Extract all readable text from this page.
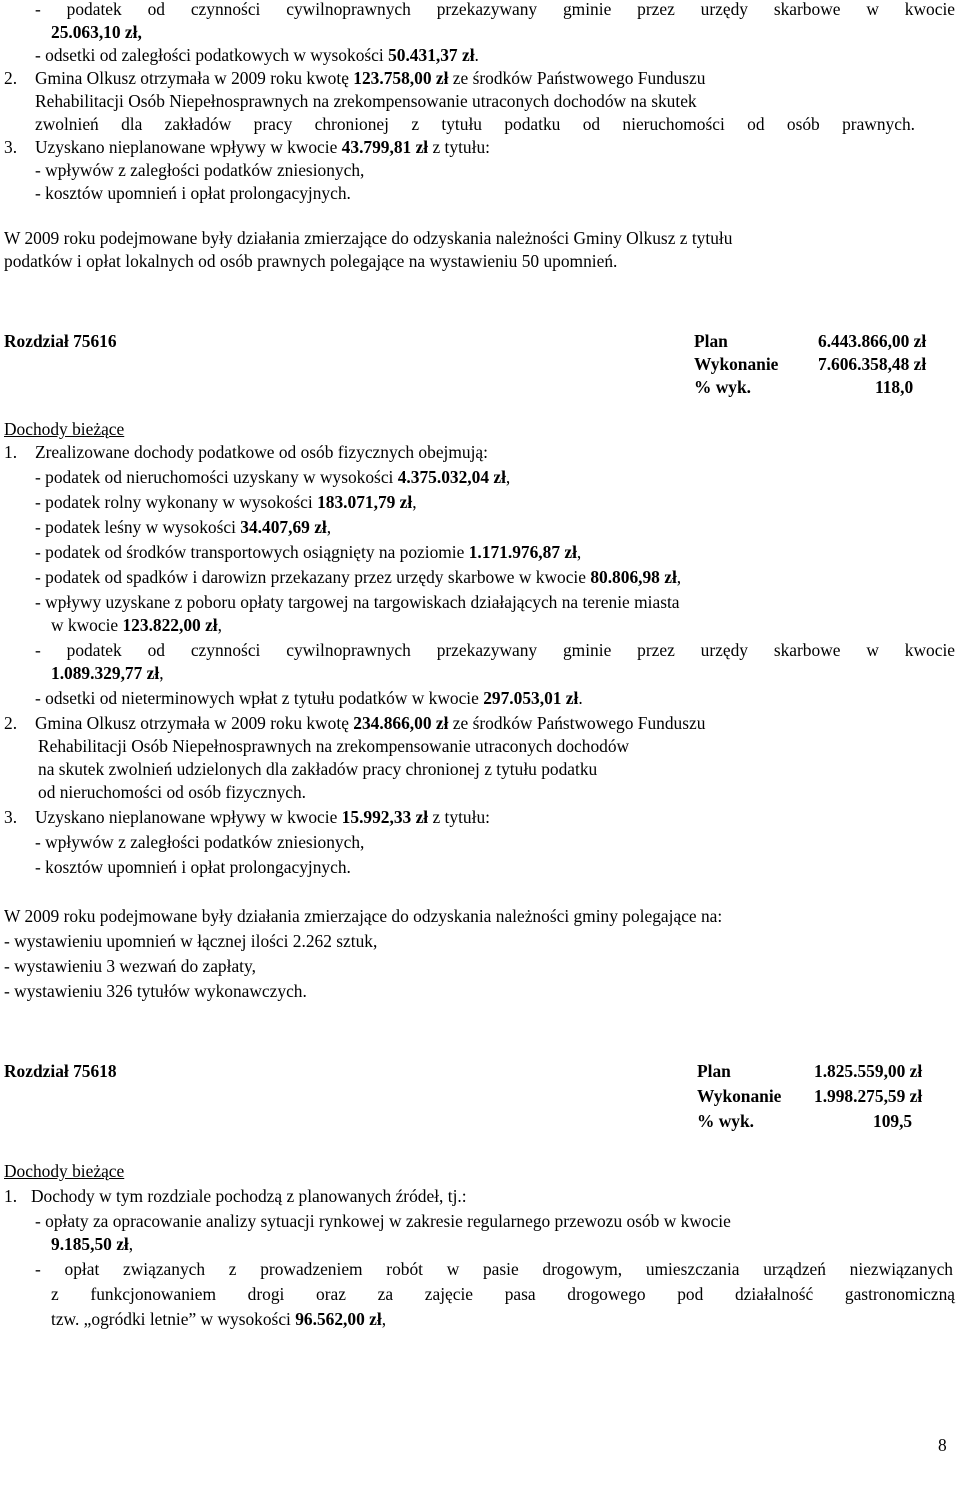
- podatek od czynności cywilnoprawnych przekazywany gminie przez urzędy skarbowe w kwocie
25.063,10 zł,
- odsetki od zaległości podatkowych w wysokości 50.431,37 zł.
2. Gmina Olkusz otrzymała w 2009 roku kwotę 123.758,00 zł ze środków Państwowego Funduszu
Rehabilitacji Osób Niepełnosprawnych na zrekompensowanie utraconych dochodów na skutek
zwolnień dla zakładów pracy chronionej z tytułu podatku od nieruchomości od osób prawnych.
3. Uzyskano nieplanowane wpływy w kwocie 43.799,81 zł z tytułu:
- wpływów z zaległości podatków zniesionych,
- kosztów upomnień i opłat prolongacyjnych.
W 2009 roku podejmowane były działania zmierzające do odzyskania należności Gminy Olkusz z tytułu
podatków i opłat lokalnych od osób prawnych polegające na wystawieniu 50 upomnień.
Rozdział 75616	Plan	6.443.866,00 zł
Wykonanie 7.606.358,48 zł
% wyk.	118,0
Dochody bieżące
1. Zrealizowane dochody podatkowe od osób fizycznych obejmują:
- podatek od nieruchomości uzyskany w wysokości 4.375.032,04 zł,
- podatek rolny wykonany w wysokości 183.071,79 zł,
- podatek leśny w wysokości 34.407,69 zł,
- podatek od środków transportowych osiągnięty na poziomie 1.171.976,87 zł,
- podatek od spadków i darowizn przekazany przez urzędy skarbowe w kwocie 80.806,98 zł,
- wpływy uzyskane z poboru opłaty targowej na targowiskach działających na terenie miasta
w kwocie 123.822,00 zł,
- podatek od czynności cywilnoprawnych przekazywany gminie przez urzędy skarbowe w kwocie
1.089.329,77 zł,
- odsetki od nieterminowych wpłat z tytułu podatków w kwocie 297.053,01 zł.
2. Gmina Olkusz otrzymała w 2009 roku kwotę 234.866,00 zł ze środków Państwowego Funduszu
Rehabilitacji Osób Niepełnosprawnych na zrekompensowanie utraconych dochodów
na skutek zwolnień udzielonych dla zakładów pracy chronionej z tytułu podatku
od nieruchomości od osób fizycznych.
3. Uzyskano nieplanowane wpływy w kwocie 15.992,33 zł z tytułu:
- wpływów z zaległości podatków zniesionych,
- kosztów upomnień i opłat prolongacyjnych.
W 2009 roku podejmowane były działania zmierzające do odzyskania należności gminy polegające na:
- wystawieniu upomnień w łącznej ilości 2.262 sztuk,
- wystawieniu 3 wezwań do zapłaty,
- wystawieniu 326 tytułów wykonawczych.
Rozdział 75618	Plan	1.825.559,00 zł
Wykonanie 1.998.275,59 zł
% wyk.	109,5
Dochody bieżące
1. Dochody w tym rozdziale pochodzą z planowanych źródeł, tj.:
- opłaty za opracowanie analizy sytuacji rynkowej w zakresie regularnego przewozu osób w kwocie
9.185,50 zł,
- opłat związanych z prowadzeniem robót w pasie drogowym, umieszczania urządzeń niezwiązanych
z funkcjonowaniem drogi oraz za zajęcie pasa drogowego pod działalność gastronomiczną
tzw. „ogródki letnie” w wysokości 96.562,00 zł,
8
